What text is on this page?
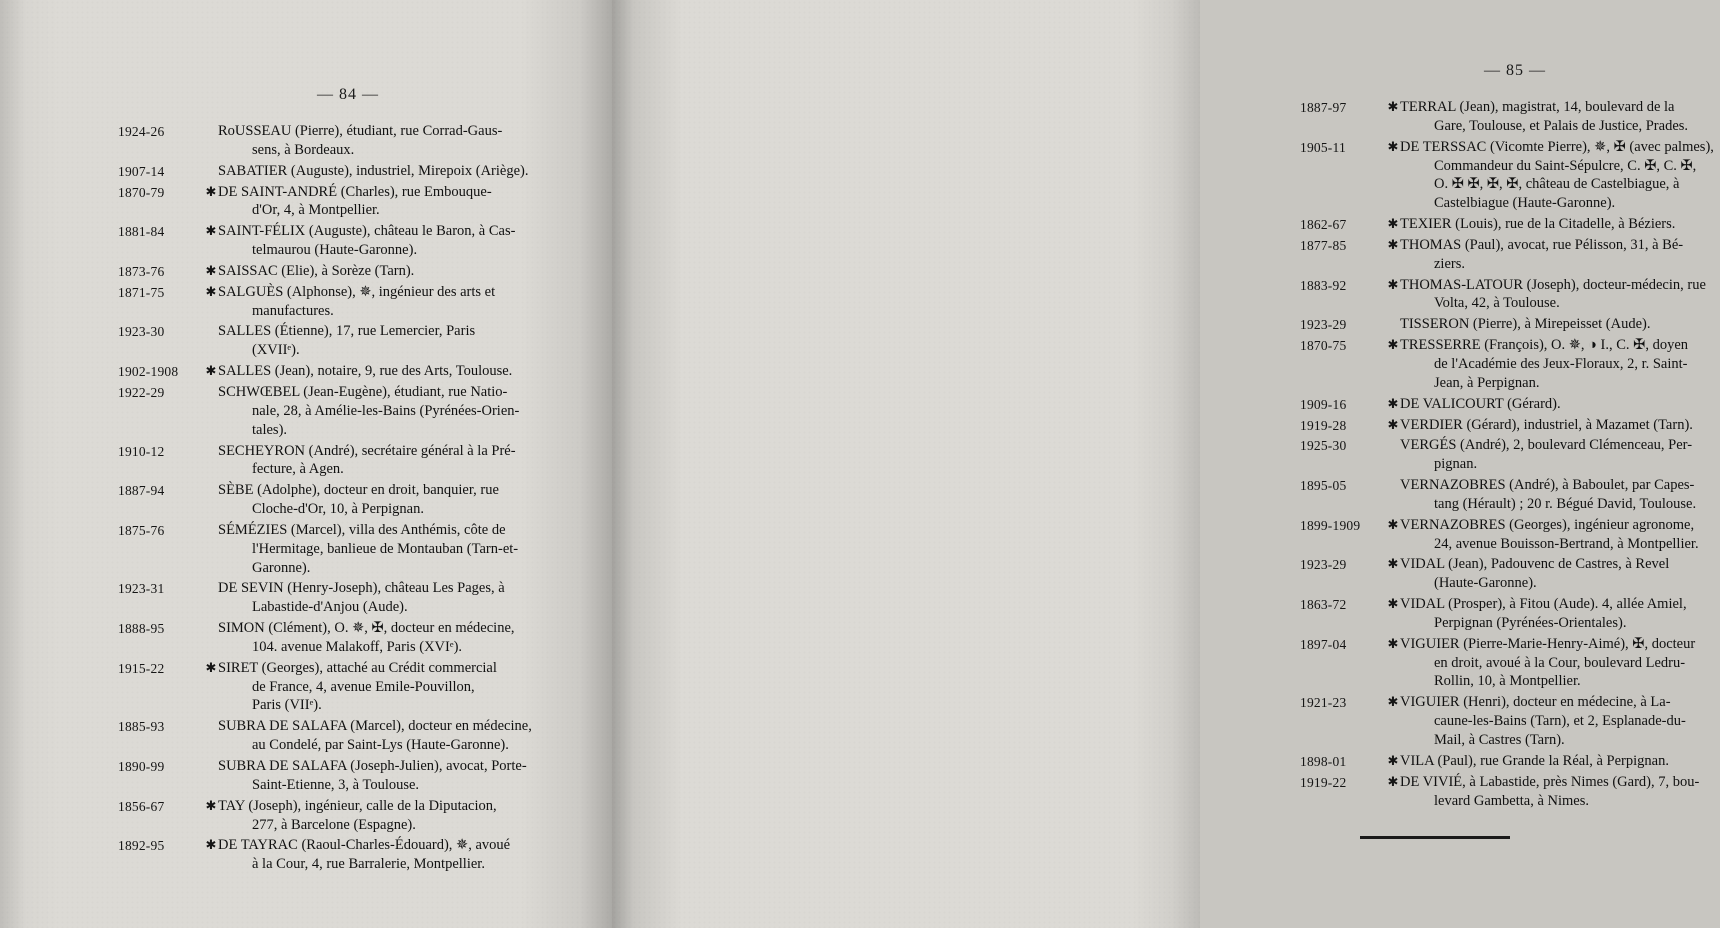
— 84 —
1924-26	RᴏUSSEAU (Pierre), étudiant, rue Corrad-Gaus-
sens, à Bordeaux.
1907-14	SABATIER (Auguste), industriel, Mirepoix (Ariège).
1870-79	✱ DE SAINT-ANDRÉ (Charles), rue Embouque-
d'Or, 4, à Montpellier.
1881-84	✱ SAINT-FÉLIX (Auguste), château le Baron, à Cas-
telmaurou (Haute-Garonne).
1873-76	✱ SAISSAC (Elie), à Sorèze (Tarn).
1871-75	✱ SALGUÈS (Alphonse), ✵, ingénieur des arts et
manufactures.
1923-30	SALLES (Étienne), 17, rue Lemercier, Paris
(XVIIᵉ).
1902-1908	✱ SALLES (Jean), notaire, 9, rue des Arts, Toulouse.
1922-29	SCHWŒBEL (Jean-Eugène), étudiant, rue Natio-
nale, 28, à Amélie-les-Bains (Pyrénées-Orien-
tales).
1910-12	SECHEYRON (André), secrétaire général à la Pré-
fecture, à Agen.
1887-94	SÈBE (Adolphe), docteur en droit, banquier, rue
Cloche-d'Or, 10, à Perpignan.
1875-76	SÉMÉZIES (Marcel), villa des Anthémis, côte de
l'Hermitage, banlieue de Montauban (Tarn-et-
Garonne).
1923-31	DE SEVIN (Henry-Joseph), château Les Pages, à
Labastide-d'Anjou (Aude).
1888-95	SIMON (Clément), O. ✵, ✠, docteur en médecine,
104. avenue Malakoff, Paris (XVIᵉ).
1915-22	✱ SIRET (Georges), attaché au Crédit commercial
de France, 4, avenue Emile-Pouvillon,
Paris (VIIᵉ).
1885-93	SUBRA DE SALAFA (Marcel), docteur en médecine,
au Condelé, par Saint-Lys (Haute-Garonne).
1890-99	SUBRA DE SALAFA (Joseph-Julien), avocat, Porte-
Saint-Etienne, 3, à Toulouse.
1856-67	✱ TAY (Joseph), ingénieur, calle de la Diputacion,
277, à Barcelone (Espagne).
1892-95	✱ DE TAYRAC (Raoul-Charles-Édouard), ✵, avoué
à la Cour, 4, rue Barralerie, Montpellier.
— 85 —
1887-97	✱ TERRAL (Jean), magistrat, 14, boulevard de la
Gare, Toulouse, et Palais de Justice, Prades.
1905-11	✱ DE TERSSAC (Vicomte Pierre), ✵, ✠ (avec palmes),
Commandeur du Saint-Sépulcre, C. ✠, C. ✠,
O. ✠ ✠, ✠, ✠, château de Castelbiague, à
Castelbiague (Haute-Garonne).
1862-67	✱ TEXIER (Louis), rue de la Citadelle, à Béziers.
1877-85	✱ THOMAS (Paul), avocat, rue Pélisson, 31, à Bé-
ziers.
1883-92	✱ THOMAS-LATOUR (Joseph), docteur-médecin, rue
Volta, 42, à Toulouse.
1923-29	TISSERON (Pierre), à Mirepeisset (Aude).
1870-75	✱ TRESSERRE (François), O. ✵, ◑ I., C. ✠, doyen
de l'Académie des Jeux-Floraux, 2, r. Saint-
Jean, à Perpignan.
1909-16	✱ DE VALICOURT (Gérard).
1919-28	✱ VERDIER (Gérard), industriel, à Mazamet (Tarn).
1925-30	VERGÉS (André), 2, boulevard Clémenceau, Per-
pignan.
1895-05	VERNAZOBRES (André), à Baboulet, par Capes-
tang (Hérault) ; 20 r. Bégué David, Toulouse.
1899-1909	✱ VERNAZOBRES (Georges), ingénieur agronome,
24, avenue Bouisson-Bertrand, à Montpellier.
1923-29	✱ VIDAL (Jean), Padouvenc de Castres, à Revel
(Haute-Garonne).
1863-72	✱ VIDAL (Prosper), à Fitou (Aude). 4, allée Amiel,
Perpignan (Pyrénées-Orientales).
1897-04	✱ VIGUIER (Pierre-Marie-Henry-Aimé), ✠, docteur
en droit, avoué à la Cour, boulevard Ledru-
Rollin, 10, à Montpellier.
1921-23	✱ VIGUIER (Henri), docteur en médecine, à La-
caune-les-Bains (Tarn), et 2, Esplanade-du-
Mail, à Castres (Tarn).
1898-01	✱ VILA (Paul), rue Grande la Réal, à Perpignan.
1919-22	✱ DE VIVIÉ, à Labastide, près Nimes (Gard), 7, bou-
levard Gambetta, à Nimes.
